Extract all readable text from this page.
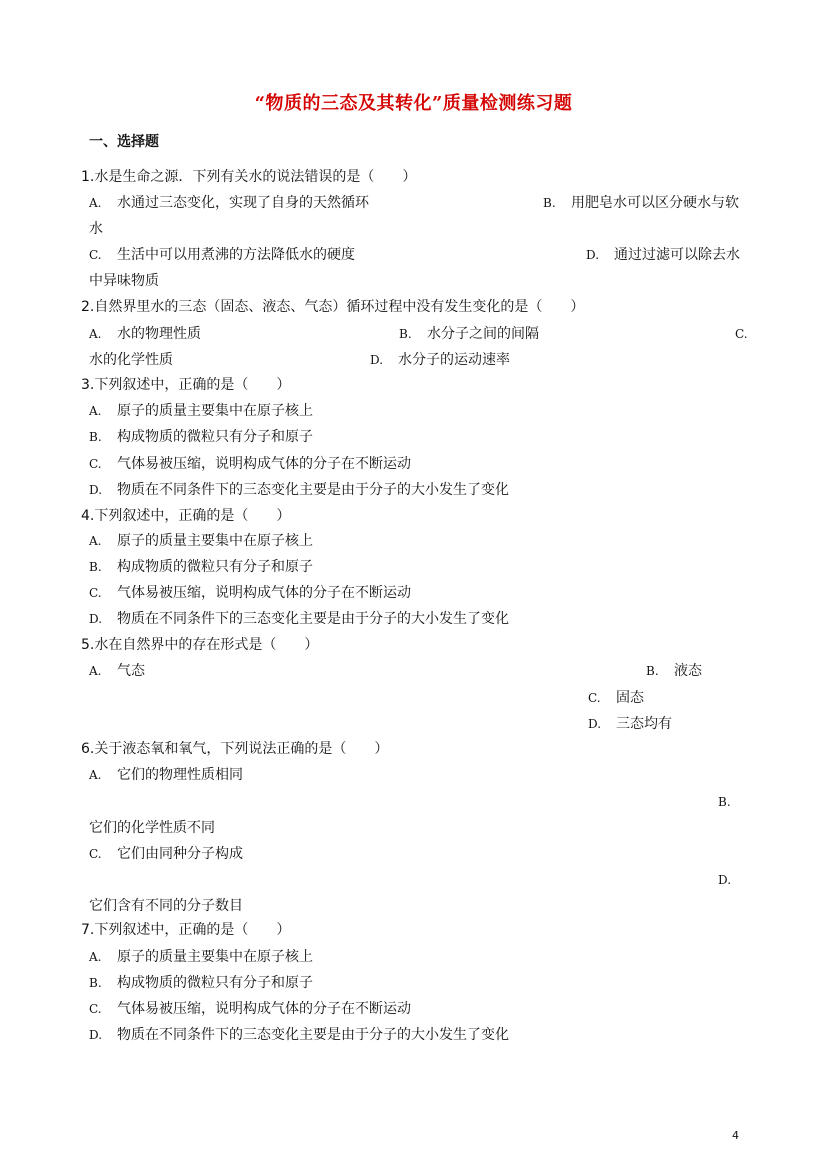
“物质的三态及其转化”质量检测练习题
一、选择题
1.水是生命之源．下列有关水的说法错误的是（　　）
A. 水通过三态变化，实现了自身的天然循环	B. 用肥皂水可以区分硬水与软
水
C. 生活中可以用煮沸的方法降低水的硬度	D. 通过过滤可以除去水
中异味物质
2.自然界里水的三态（固态、液态、气态）循环过程中没有发生变化的是（　　）
A. 水的物理性质	B. 水分子之间的间隔	C.
水的化学性质	D. 水分子的运动速率
3.下列叙述中，正确的是（　　）
A. 原子的质量主要集中在原子核上
B. 构成物质的微粒只有分子和原子
C. 气体易被压缩，说明构成气体的分子在不断运动
D. 物质在不同条件下的三态变化主要是由于分子的大小发生了变化
4.下列叙述中，正确的是（　　）
A. 原子的质量主要集中在原子核上
B. 构成物质的微粒只有分子和原子
C. 气体易被压缩，说明构成气体的分子在不断运动
D. 物质在不同条件下的三态变化主要是由于分子的大小发生了变化
5.水在自然界中的存在形式是（　　）
A. 气态	B. 液态
C. 固态
D. 三态均有
6.关于液态氧和氧气，下列说法正确的是（　　）
A. 它们的物理性质相同
B.
它们的化学性质不同
C. 它们由同种分子构成
D.
它们含有不同的分子数目
7.下列叙述中，正确的是（　　）
A. 原子的质量主要集中在原子核上
B. 构成物质的微粒只有分子和原子
C. 气体易被压缩，说明构成气体的分子在不断运动
D. 物质在不同条件下的三态变化主要是由于分子的大小发生了变化
4
